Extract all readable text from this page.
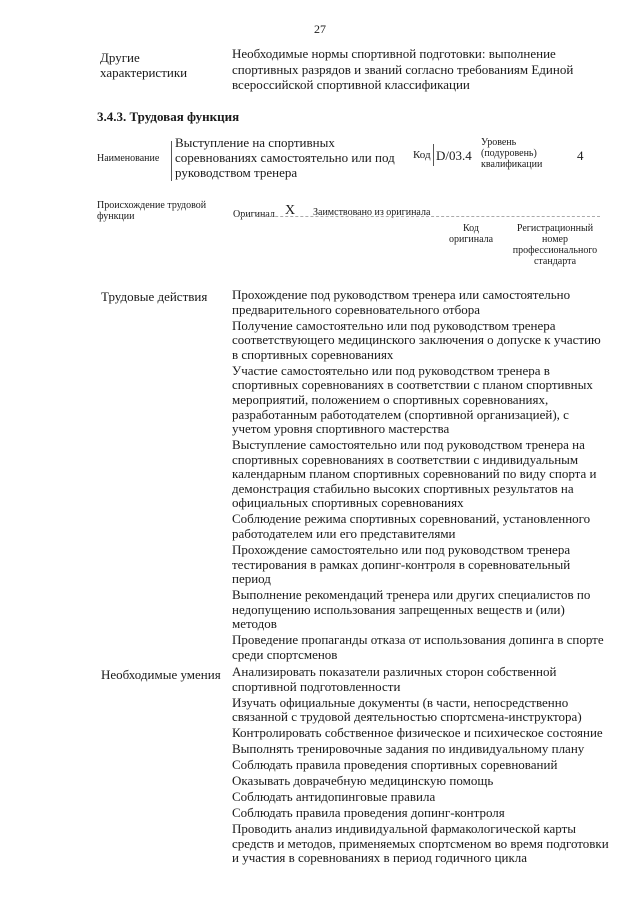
27
Другие характеристики
Необходимые нормы спортивной подготовки: выполнение спортивных разрядов и званий согласно требованиям Единой всероссийской спортивной классификации
3.4.3. Трудовая функция
Наименование
Выступление на спортивных соревнованиях самостоятельно или под руководством тренера
Код D/03.4
Уровень (подуровень) квалификации
4
Происхождение трудовой функции	Оригинал X Заимствовано из оригинала
Код оригинала
Регистрационный номер профессионального стандарта
Трудовые действия Прохождение под руководством тренера или самостоятельно предварительного соревновательного отбора

Получение самостоятельно или под руководством тренера соответствующего медицинского заключения о допуске к участию в спортивных соревнованиях

Участие самостоятельно или под руководством тренера в спортивных соревнованиях в соответствии с планом спортивных мероприятий, положением о спортивных соревнованиях, разработанным работодателем (спортивной организацией), с учетом уровня спортивного мастерства

Выступление самостоятельно или под руководством тренера на спортивных соревнованиях в соответствии с индивидуальным календарным планом спортивных соревнований по виду спорта и демонстрация стабильно высоких спортивных результатов на официальных спортивных соревнованиях

Соблюдение режима спортивных соревнований, установленного работодателем или его представителями

Прохождение самостоятельно или под руководством тренера тестирования в рамках допинг-контроля в соревновательный период

Выполнение рекомендаций тренера или других специалистов по недопущению использования запрещенных веществ и (или) методов

Проведение пропаганды отказа от использования допинга в спорте среди спортсменов

Необходимые умения Анализировать показатели различных сторон собственной спортивной подготовленности

Изучать официальные документы (в части, непосредственно связанной с трудовой деятельностью спортсмена-инструктора)

Контролировать собственное физическое и психическое состояние

Выполнять тренировочные задания по индивидуальному плану

Соблюдать правила проведения спортивных соревнований

Оказывать доврачебную медицинскую помощь

Соблюдать антидопинговые правила

Соблюдать правила проведения допинг-контроля

Проводить анализ индивидуальной фармакологической карты средств и методов, применяемых спортсменом во время подготовки и участия в соревнованиях в период годичного цикла
